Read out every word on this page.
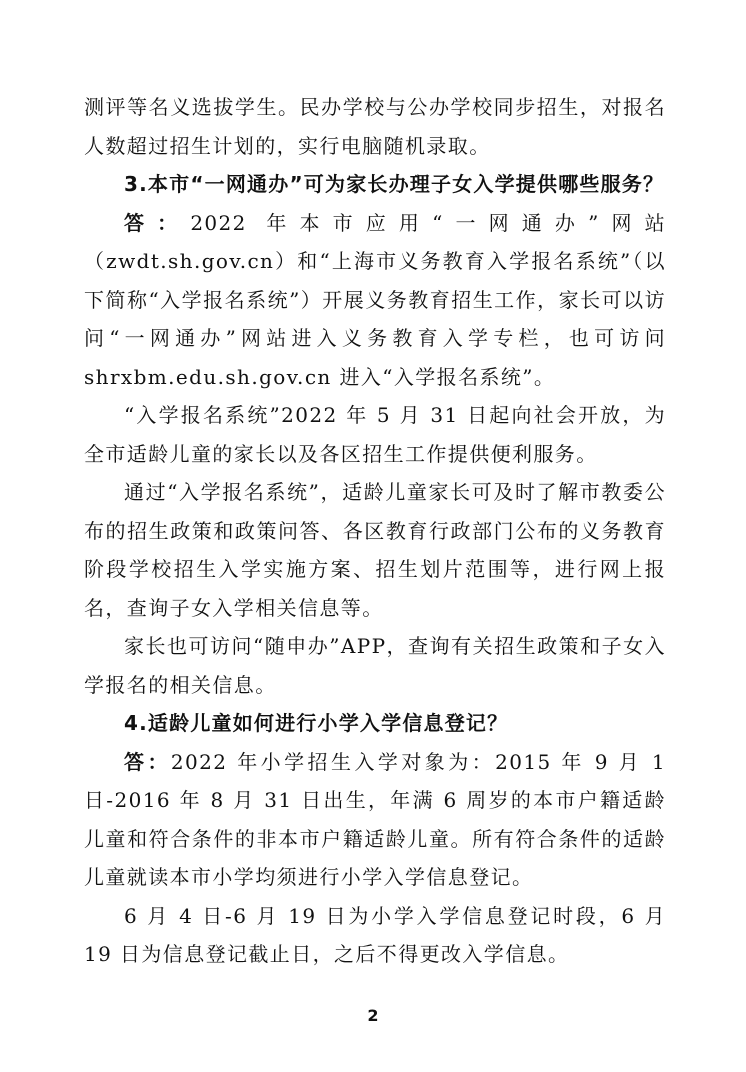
测评等名义选拔学生。民办学校与公办学校同步招生，对报名人数超过招生计划的，实行电脑随机录取。

3.本市“一网通办”可为家长办理子女入学提供哪些服务？

答：2022 年本市应用“一网通办”网站（zwdt.sh.gov.cn）和“上海市义务教育入学报名系统”（以下简称“入学报名系统”）开展义务教育招生工作，家长可以访问“一网通办”网站进入义务教育入学专栏，也可访问 shrxbm.edu.sh.gov.cn 进入“入学报名系统”。

“入学报名系统”2022 年 5 月 31 日起向社会开放，为全市适龄儿童的家长以及各区招生工作提供便利服务。

通过“入学报名系统”，适龄儿童家长可及时了解市教委公布的招生政策和政策问答、各区教育行政部门公布的义务教育阶段学校招生入学实施方案、招生划片范围等，进行网上报名，查询子女入学相关信息等。

家长也可访问“随申办”APP，查询有关招生政策和子女入学报名的相关信息。

4.适龄儿童如何进行小学入学信息登记？

答：2022 年小学招生入学对象为：2015 年 9 月 1 日-2016 年 8 月 31 日出生，年满 6 周岁的本市户籍适龄儿童和符合条件的非本市户籍适龄儿童。所有符合条件的适龄儿童就读本市小学均须进行小学入学信息登记。

6 月 4 日-6 月 19 日为小学入学信息登记时段，6 月 19 日为信息登记截止日，之后不得更改入学信息。

2
